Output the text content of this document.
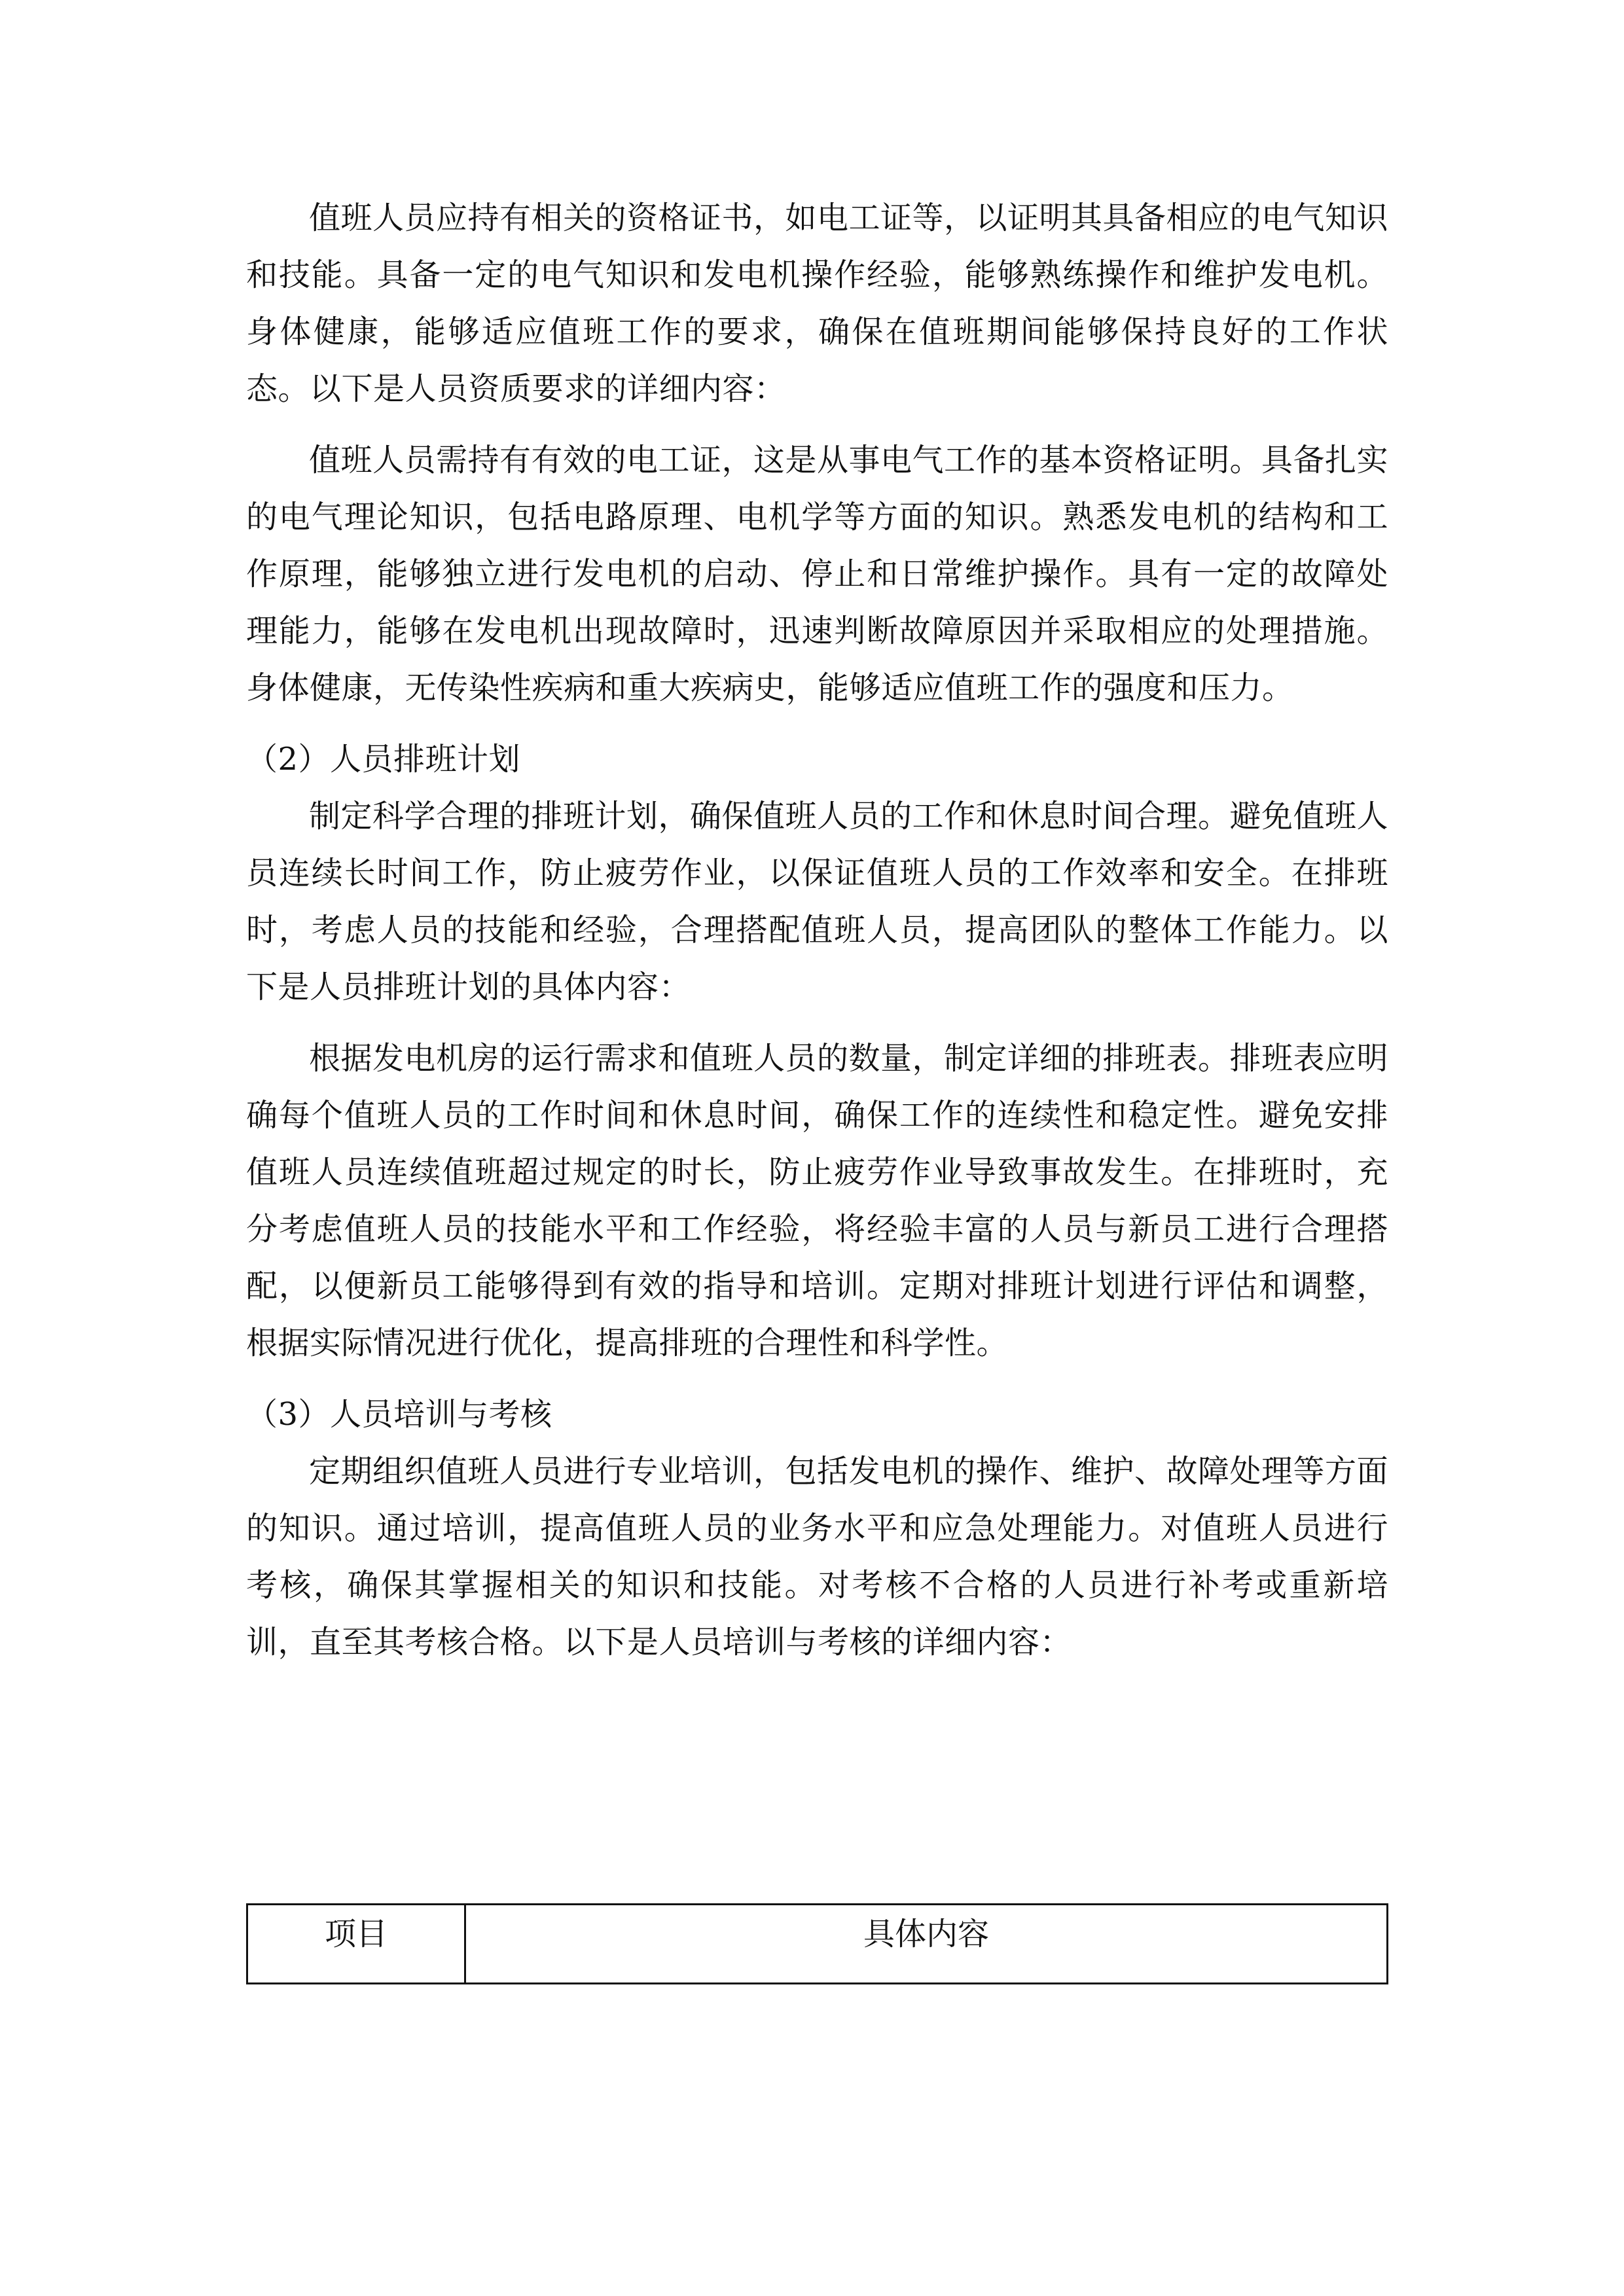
值班人员应持有相关的资格证书，如电工证等，以证明其具备相应的电气知识和技能。具备一定的电气知识和发电机操作经验，能够熟练操作和维护发电机。身体健康，能够适应值班工作的要求，确保在值班期间能够保持良好的工作状态。以下是人员资质要求的详细内容：

值班人员需持有有效的电工证，这是从事电气工作的基本资格证明。具备扎实的电气理论知识，包括电路原理、电机学等方面的知识。熟悉发电机的结构和工作原理，能够独立进行发电机的启动、停止和日常维护操作。具有一定的故障处理能力，能够在发电机出现故障时，迅速判断故障原因并采取相应的处理措施。身体健康，无传染性疾病和重大疾病史，能够适应值班工作的强度和压力。

（2）人员排班计划

制定科学合理的排班计划，确保值班人员的工作和休息时间合理。避免值班人员连续长时间工作，防止疲劳作业，以保证值班人员的工作效率和安全。在排班时，考虑人员的技能和经验，合理搭配值班人员，提高团队的整体工作能力。以下是人员排班计划的具体内容：

根据发电机房的运行需求和值班人员的数量，制定详细的排班表。排班表应明确每个值班人员的工作时间和休息时间，确保工作的连续性和稳定性。避免安排值班人员连续值班超过规定的时长，防止疲劳作业导致事故发生。在排班时，充分考虑值班人员的技能水平和工作经验，将经验丰富的人员与新员工进行合理搭配，以便新员工能够得到有效的指导和培训。定期对排班计划进行评估和调整，根据实际情况进行优化，提高排班的合理性和科学性。

（3）人员培训与考核

定期组织值班人员进行专业培训，包括发电机的操作、维护、故障处理等方面的知识。通过培训，提高值班人员的业务水平和应急处理能力。对值班人员进行考核，确保其掌握相关的知识和技能。对考核不合格的人员进行补考或重新培训，直至其考核合格。以下是人员培训与考核的详细内容：

项目	具体内容
